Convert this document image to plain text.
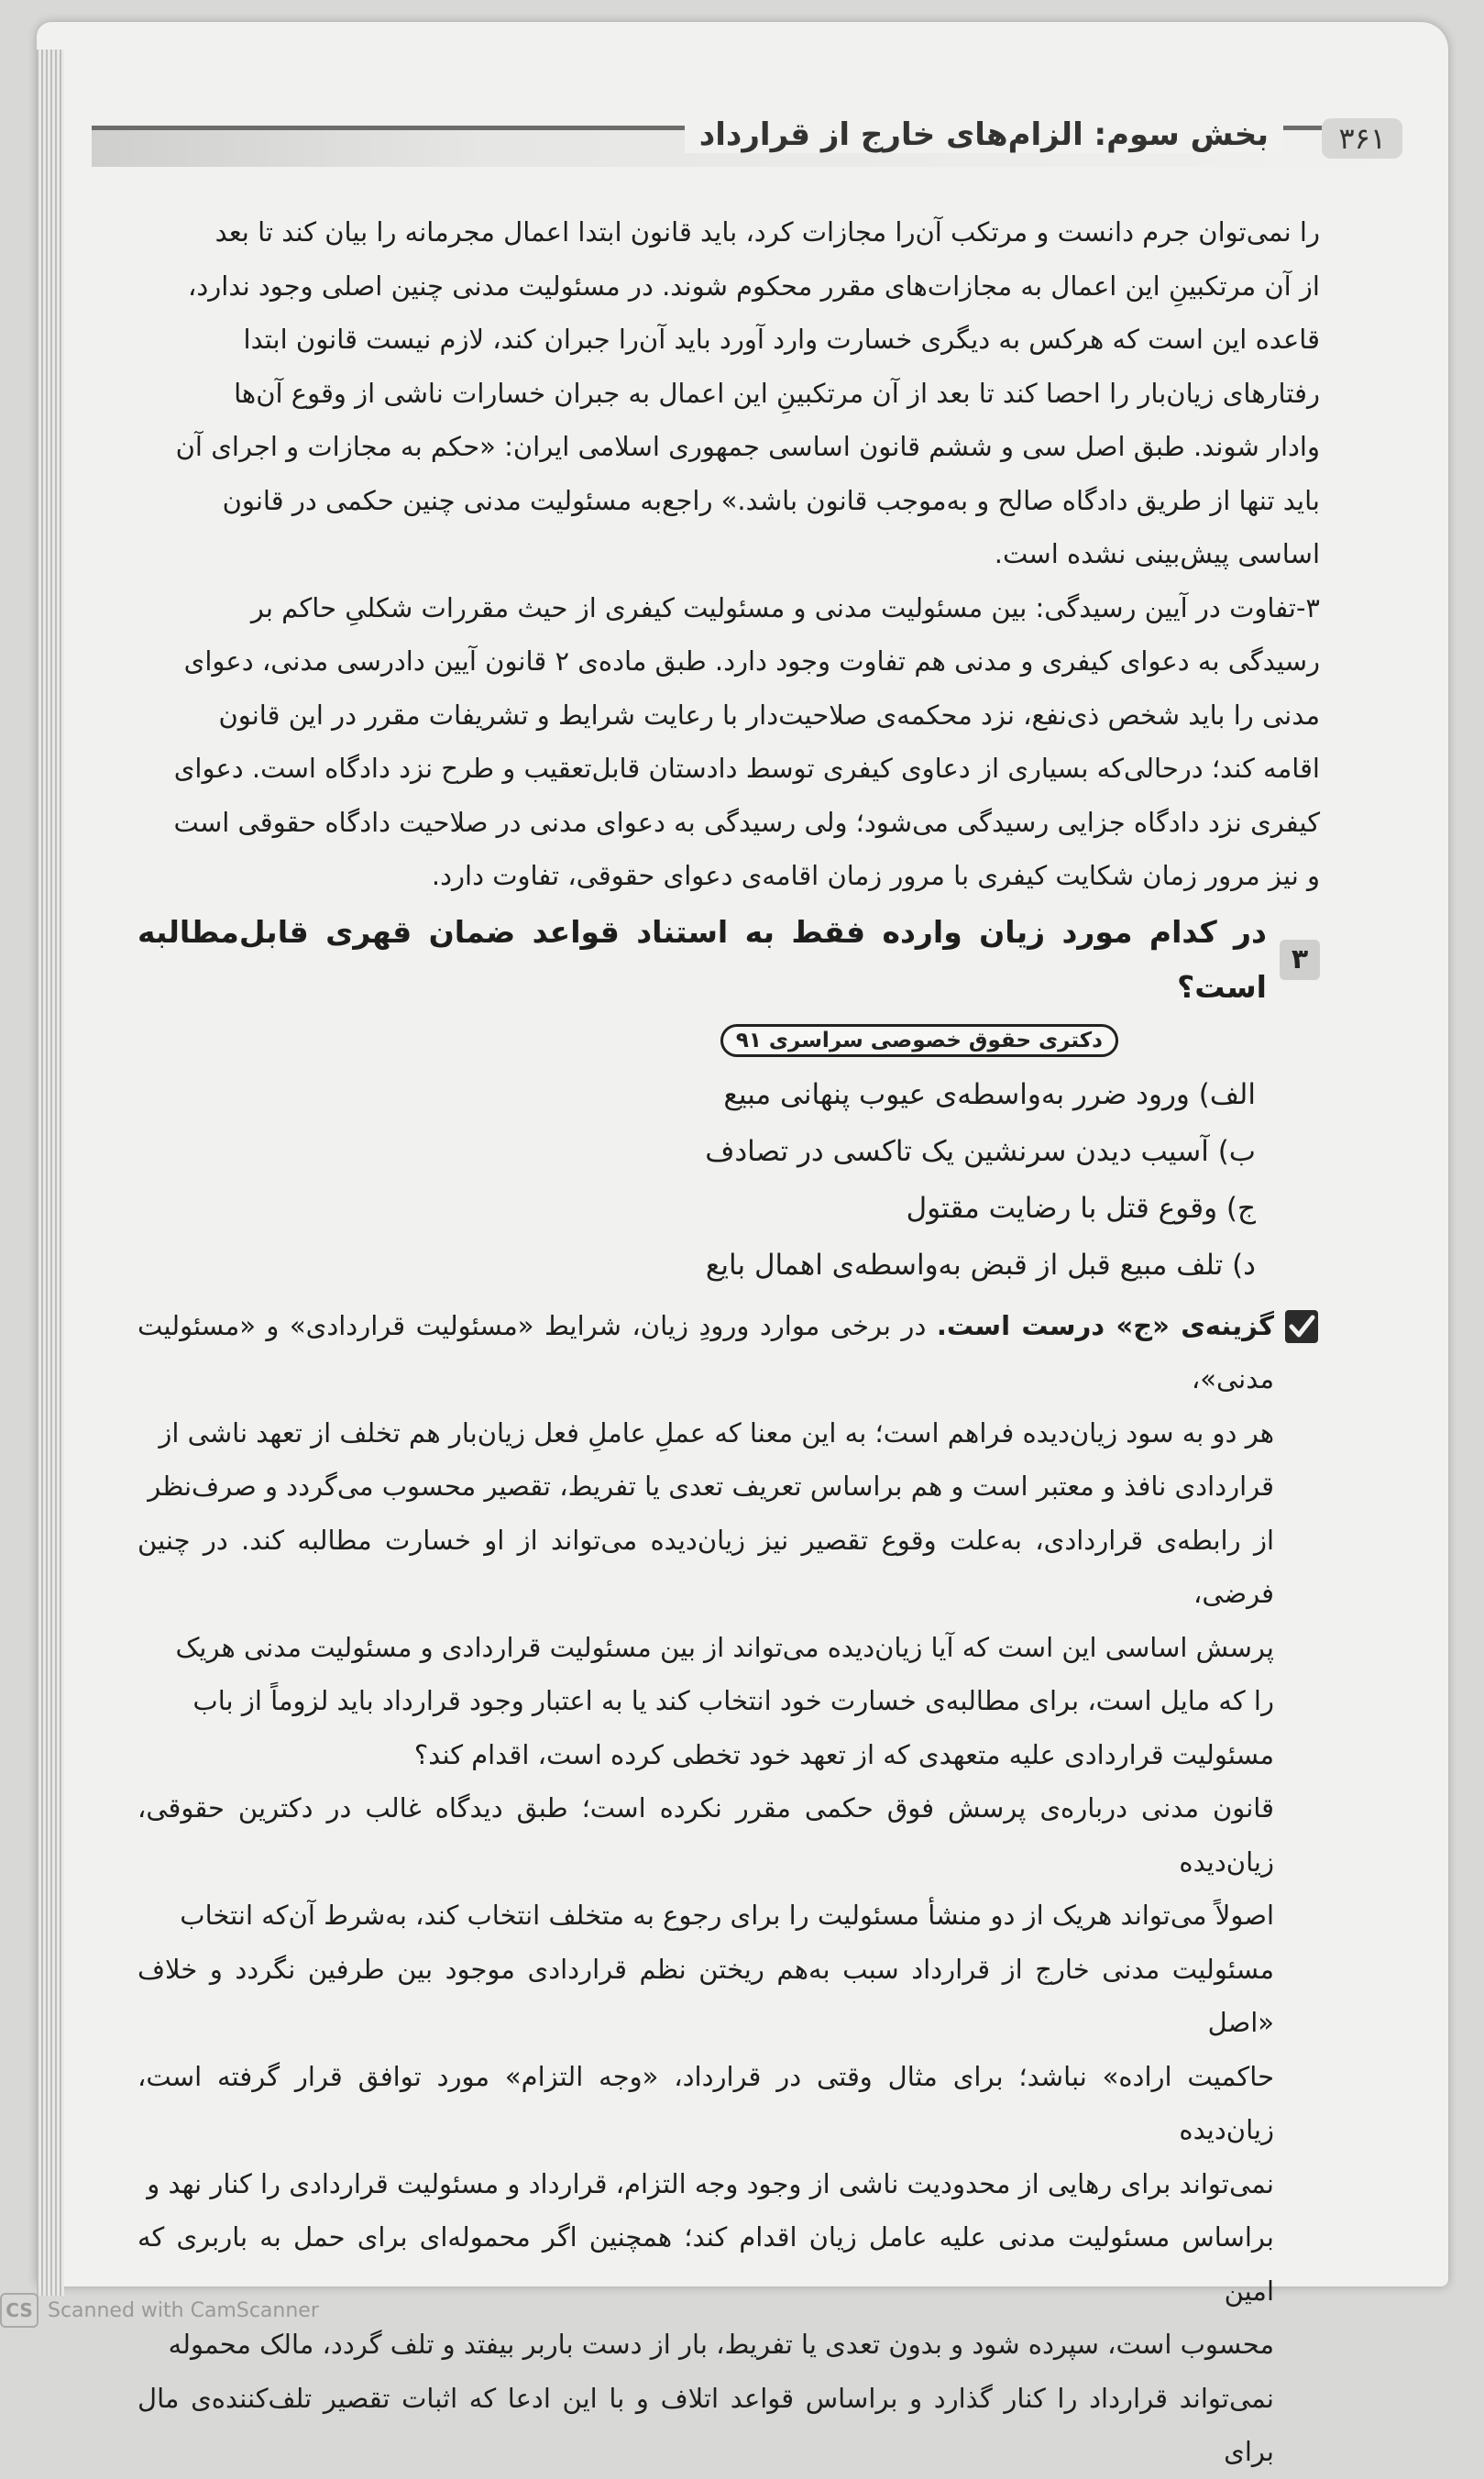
بخش سوم: الزام‌های خارج از قرارداد	۳۶۱

را نمی‌توان جرم دانست و مرتکب آن‌را مجازات کرد، باید قانون ابتدا اعمال مجرمانه را بیان کند تا بعد

از آن مرتکبینِ این اعمال به مجازات‌های مقرر محکوم شوند. در مسئولیت مدنی چنین اصلی وجود ندارد،

قاعده این است که هرکس به دیگری خسارت وارد آورد باید آن‌را جبران کند، لازم نیست قانون ابتدا

رفتارهای زیان‌بار را احصا کند تا بعد از آن مرتکبینِ این اعمال به جبران خسارات ناشی از وقوع آن‌ها

وادار شوند. طبق اصل سی و ششم قانون اساسی جمهوری اسلامی ایران: «حکم به مجازات و اجرای آن

باید تنها از طریق دادگاه صالح و به‌موجب قانون باشد.» راجع‌به مسئولیت مدنی چنین حکمی در قانون

اساسی پیش‌بینی نشده است.

۳-تفاوت در آیین رسیدگی: بین مسئولیت مدنی و مسئولیت کیفری از حیث مقررات شکلیِ حاکم بر

رسیدگی به دعوای کیفری و مدنی هم تفاوت وجود دارد. طبق ماده‌ی ۲ قانون آیین دادرسی مدنی، دعوای

مدنی را باید شخص ذی‌نفع، نزد محکمه‌ی صلاحیت‌دار با رعایت شرایط و تشریفات مقرر در این قانون

اقامه کند؛ درحالی‌که بسیاری از دعاوی کیفری توسط دادستان قابل‌تعقیب و طرح نزد دادگاه است. دعوای

کیفری نزد دادگاه جزایی رسیدگی می‌شود؛ ولی رسیدگی به دعوای مدنی در صلاحیت دادگاه حقوقی است

و نیز مرور زمان شکایت کیفری با مرور زمان اقامه‌ی دعوای حقوقی، تفاوت دارد.

۳
در کدام مورد زیان وارده فقط به استناد قواعد ضمان قهری قابل‌مطالبه است؟
دکتری حقوق خصوصی سراسری ۹۱

الف) ورود ضرر به‌واسطه‌ی عیوب پنهانی مبیع

ب) آسیب دیدن سرنشین یک تاکسی در تصادف

ج) وقوع قتل با رضایت مقتول

د) تلف مبیع قبل از قبض به‌واسطه‌ی اهمال بایع

گزینه‌ی «ج» درست است. در برخی موارد ورودِ زیان، شرایط «مسئولیت قراردادی» و «مسئولیت مدنی»،

هر دو به سود زیان‌دیده فراهم است؛ به این معنا که عملِ عاملِ فعل زیان‌بار هم تخلف از تعهد ناشی از

قراردادی نافذ و معتبر است و هم براساس تعریف تعدی یا تفریط، تقصیر محسوب می‌گردد و صرف‌نظر

از رابطه‌ی قراردادی، به‌علت وقوع تقصیر نیز زیان‌دیده می‌تواند از او خسارت مطالبه کند. در چنین فرضی،

پرسش اساسی این است که آیا زیان‌دیده می‌تواند از بین مسئولیت قراردادی و مسئولیت مدنی هریک

را که مایل است، برای مطالبه‌ی خسارت خود انتخاب کند یا به اعتبار وجود قرارداد باید لزوماً از باب

مسئولیت قراردادی علیه متعهدی که از تعهد خود تخطی کرده است، اقدام کند؟

قانون مدنی درباره‌ی پرسش فوق حکمی مقرر نکرده است؛ طبق دیدگاه غالب در دکترین حقوقی، زیان‌دیده

اصولاً می‌تواند هریک از دو منشأ مسئولیت را برای رجوع به متخلف انتخاب کند، به‌شرط آن‌که انتخاب

مسئولیت مدنی خارج از قرارداد سبب به‌هم ریختن نظم قراردادی موجود بین طرفین نگردد و خلاف «اصل

حاکمیت اراده» نباشد؛ برای مثال وقتی در قرارداد، «وجه التزام» مورد توافق قرار گرفته است، زیان‌دیده

نمی‌تواند برای رهایی از محدودیت ناشی از وجود وجه التزام، قرارداد و مسئولیت قراردادی را کنار نهد و

براساس مسئولیت مدنی علیه عامل زیان اقدام کند؛ همچنین اگر محموله‌ای برای حمل به باربری که امین

محسوب است، سپرده شود و بدون تعدی یا تفریط، بار از دست باربر بیفتد و تلف گردد، مالک محموله

نمی‌تواند قرارداد را کنار گذارد و براساس قواعد اتلاف و با این ادعا که اثبات تقصیر تلف‌کننده‌ی مال برای

CS Scanned with CamScanner
